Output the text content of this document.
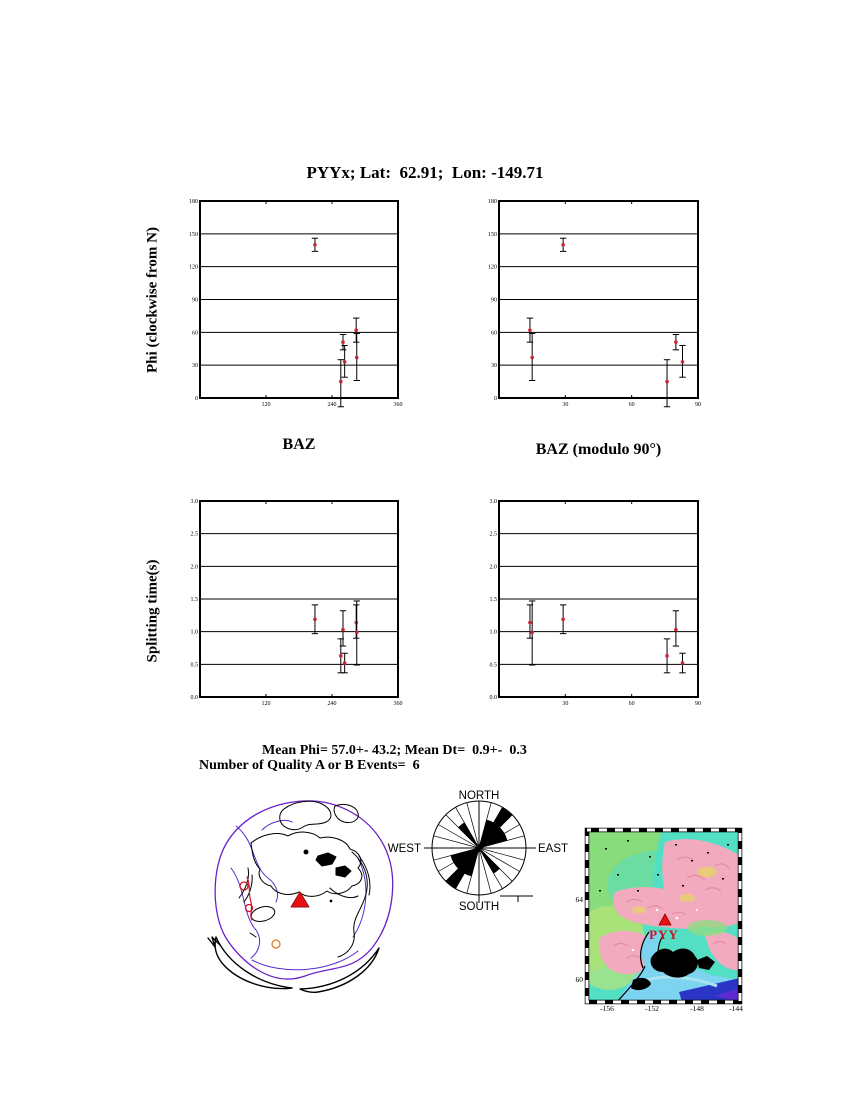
PYYx; Lat:  62.91;  Lon: -149.71
Phi (clockwise from N)
Splitting time(s)
BAZ	BAZ (modulo 90°)
Mean Phi= 57.0+- 43.2; Mean Dt=  0.9+-  0.3
Number of Quality A or B Events=  6
0
30
60
90
120
150
180
120	240	360
0
30
60
90
120
150
180
30	60	90
0.0
0.5
1.0
1.5
2.0
2.5
3.0
120	240	360
0.0
0.5
1.0
1.5
2.0
2.5
3.0
30	60	90
NORTH
SOUTH
EAST
WEST
PYY
64
60
-156	-152	-148	-144
